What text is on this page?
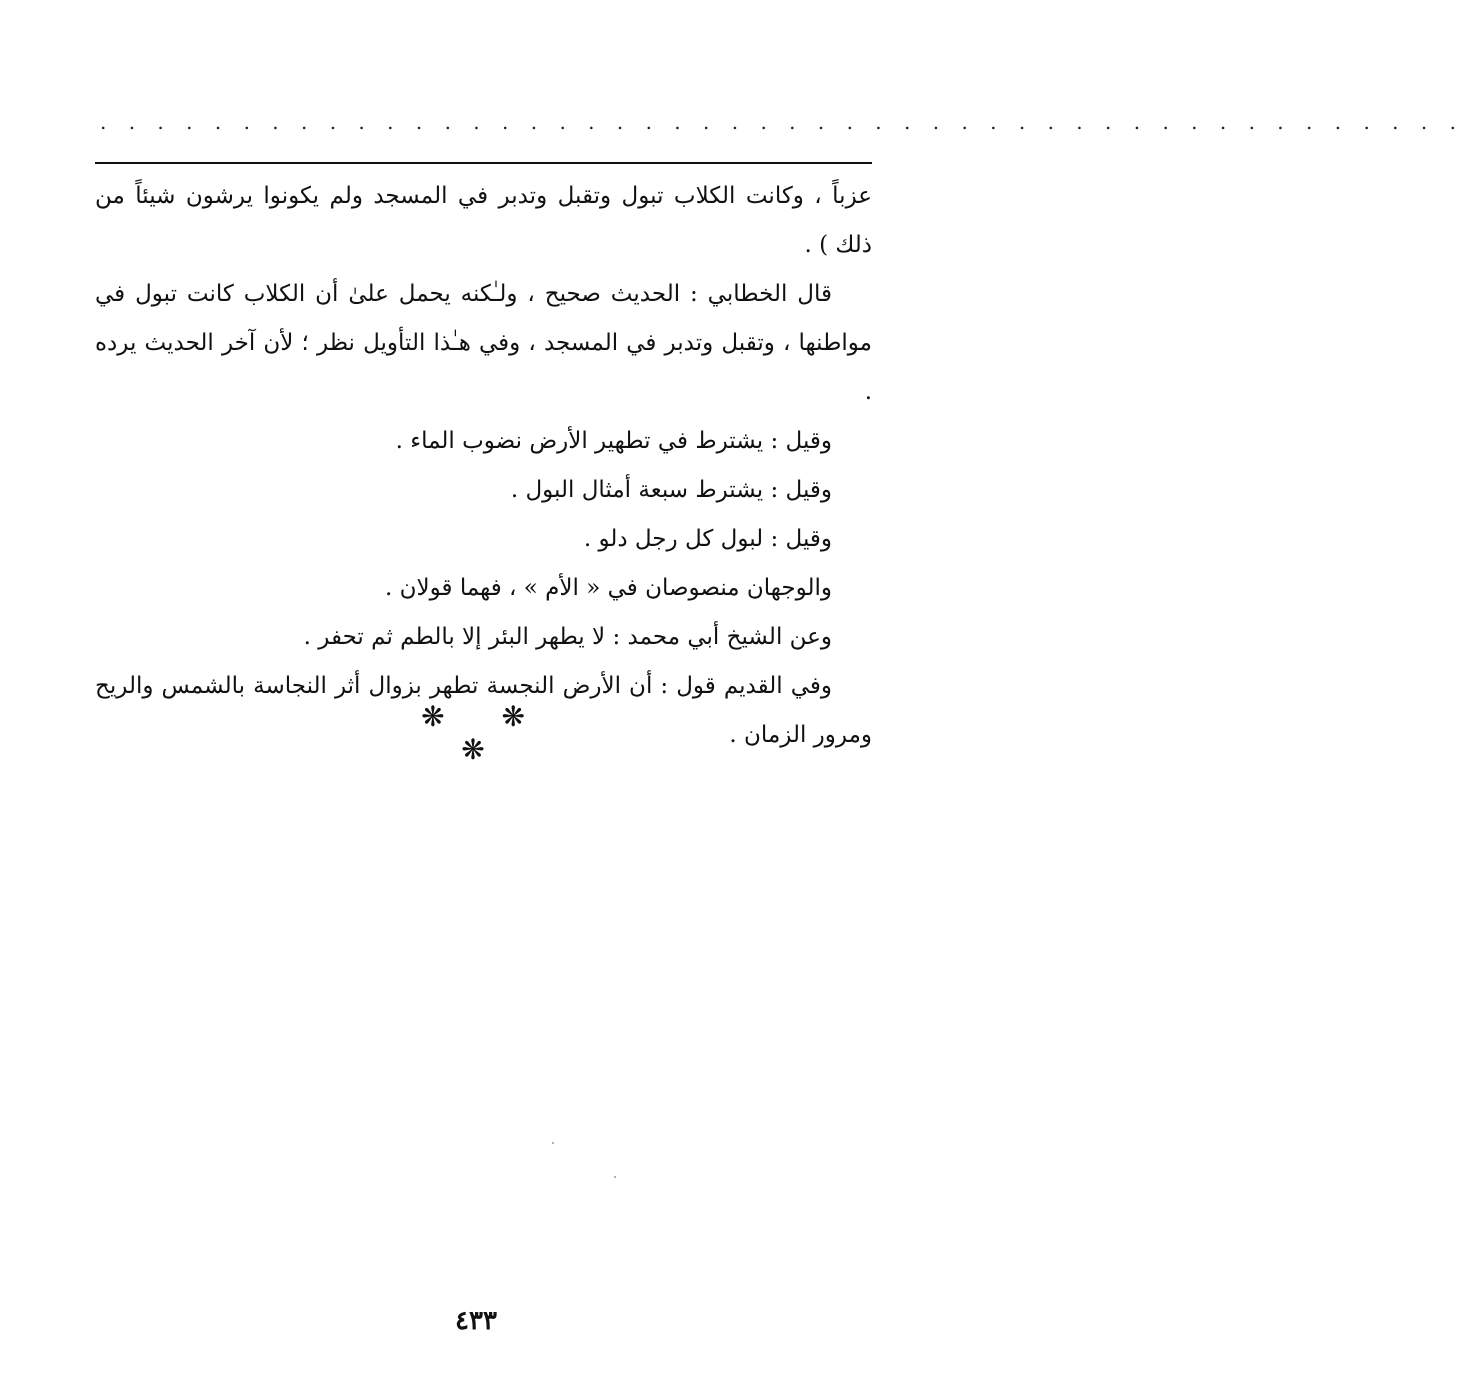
. . . . . . . . . . . . . . . . . . . . . . . . . . . . . . . . . . . . . . . . . . . . . . . .

عزباً ، وكانت الكلاب تبول وتقبل وتدبر في المسجد ولم يكونوا يرشون شيئاً من ذلك ) .

قال الخطابي : الحديث صحيح ، ولـٰكنه يحمل علىٰ أن الكلاب كانت تبول في مواطنها ، وتقبل وتدبر في المسجد ، وفي هـٰذا التأويل نظر ؛ لأن آخر الحديث يرده .

وقيل : يشترط في تطهير الأرض نضوب الماء .

وقيل : يشترط سبعة أمثال البول .

وقيل : لبول كل رجل دلو .

والوجهان منصوصان في « الأم » ، فهما قولان .

وعن الشيخ أبي محمد : لا يطهر البئر إلا بالطم ثم تحفر .

وفي القديم قول : أن الأرض النجسة تطهر بزوال أثر النجاسة بالشمس والريح ومرور الزمان .

❋ ❋ ❋
٤٣٣
